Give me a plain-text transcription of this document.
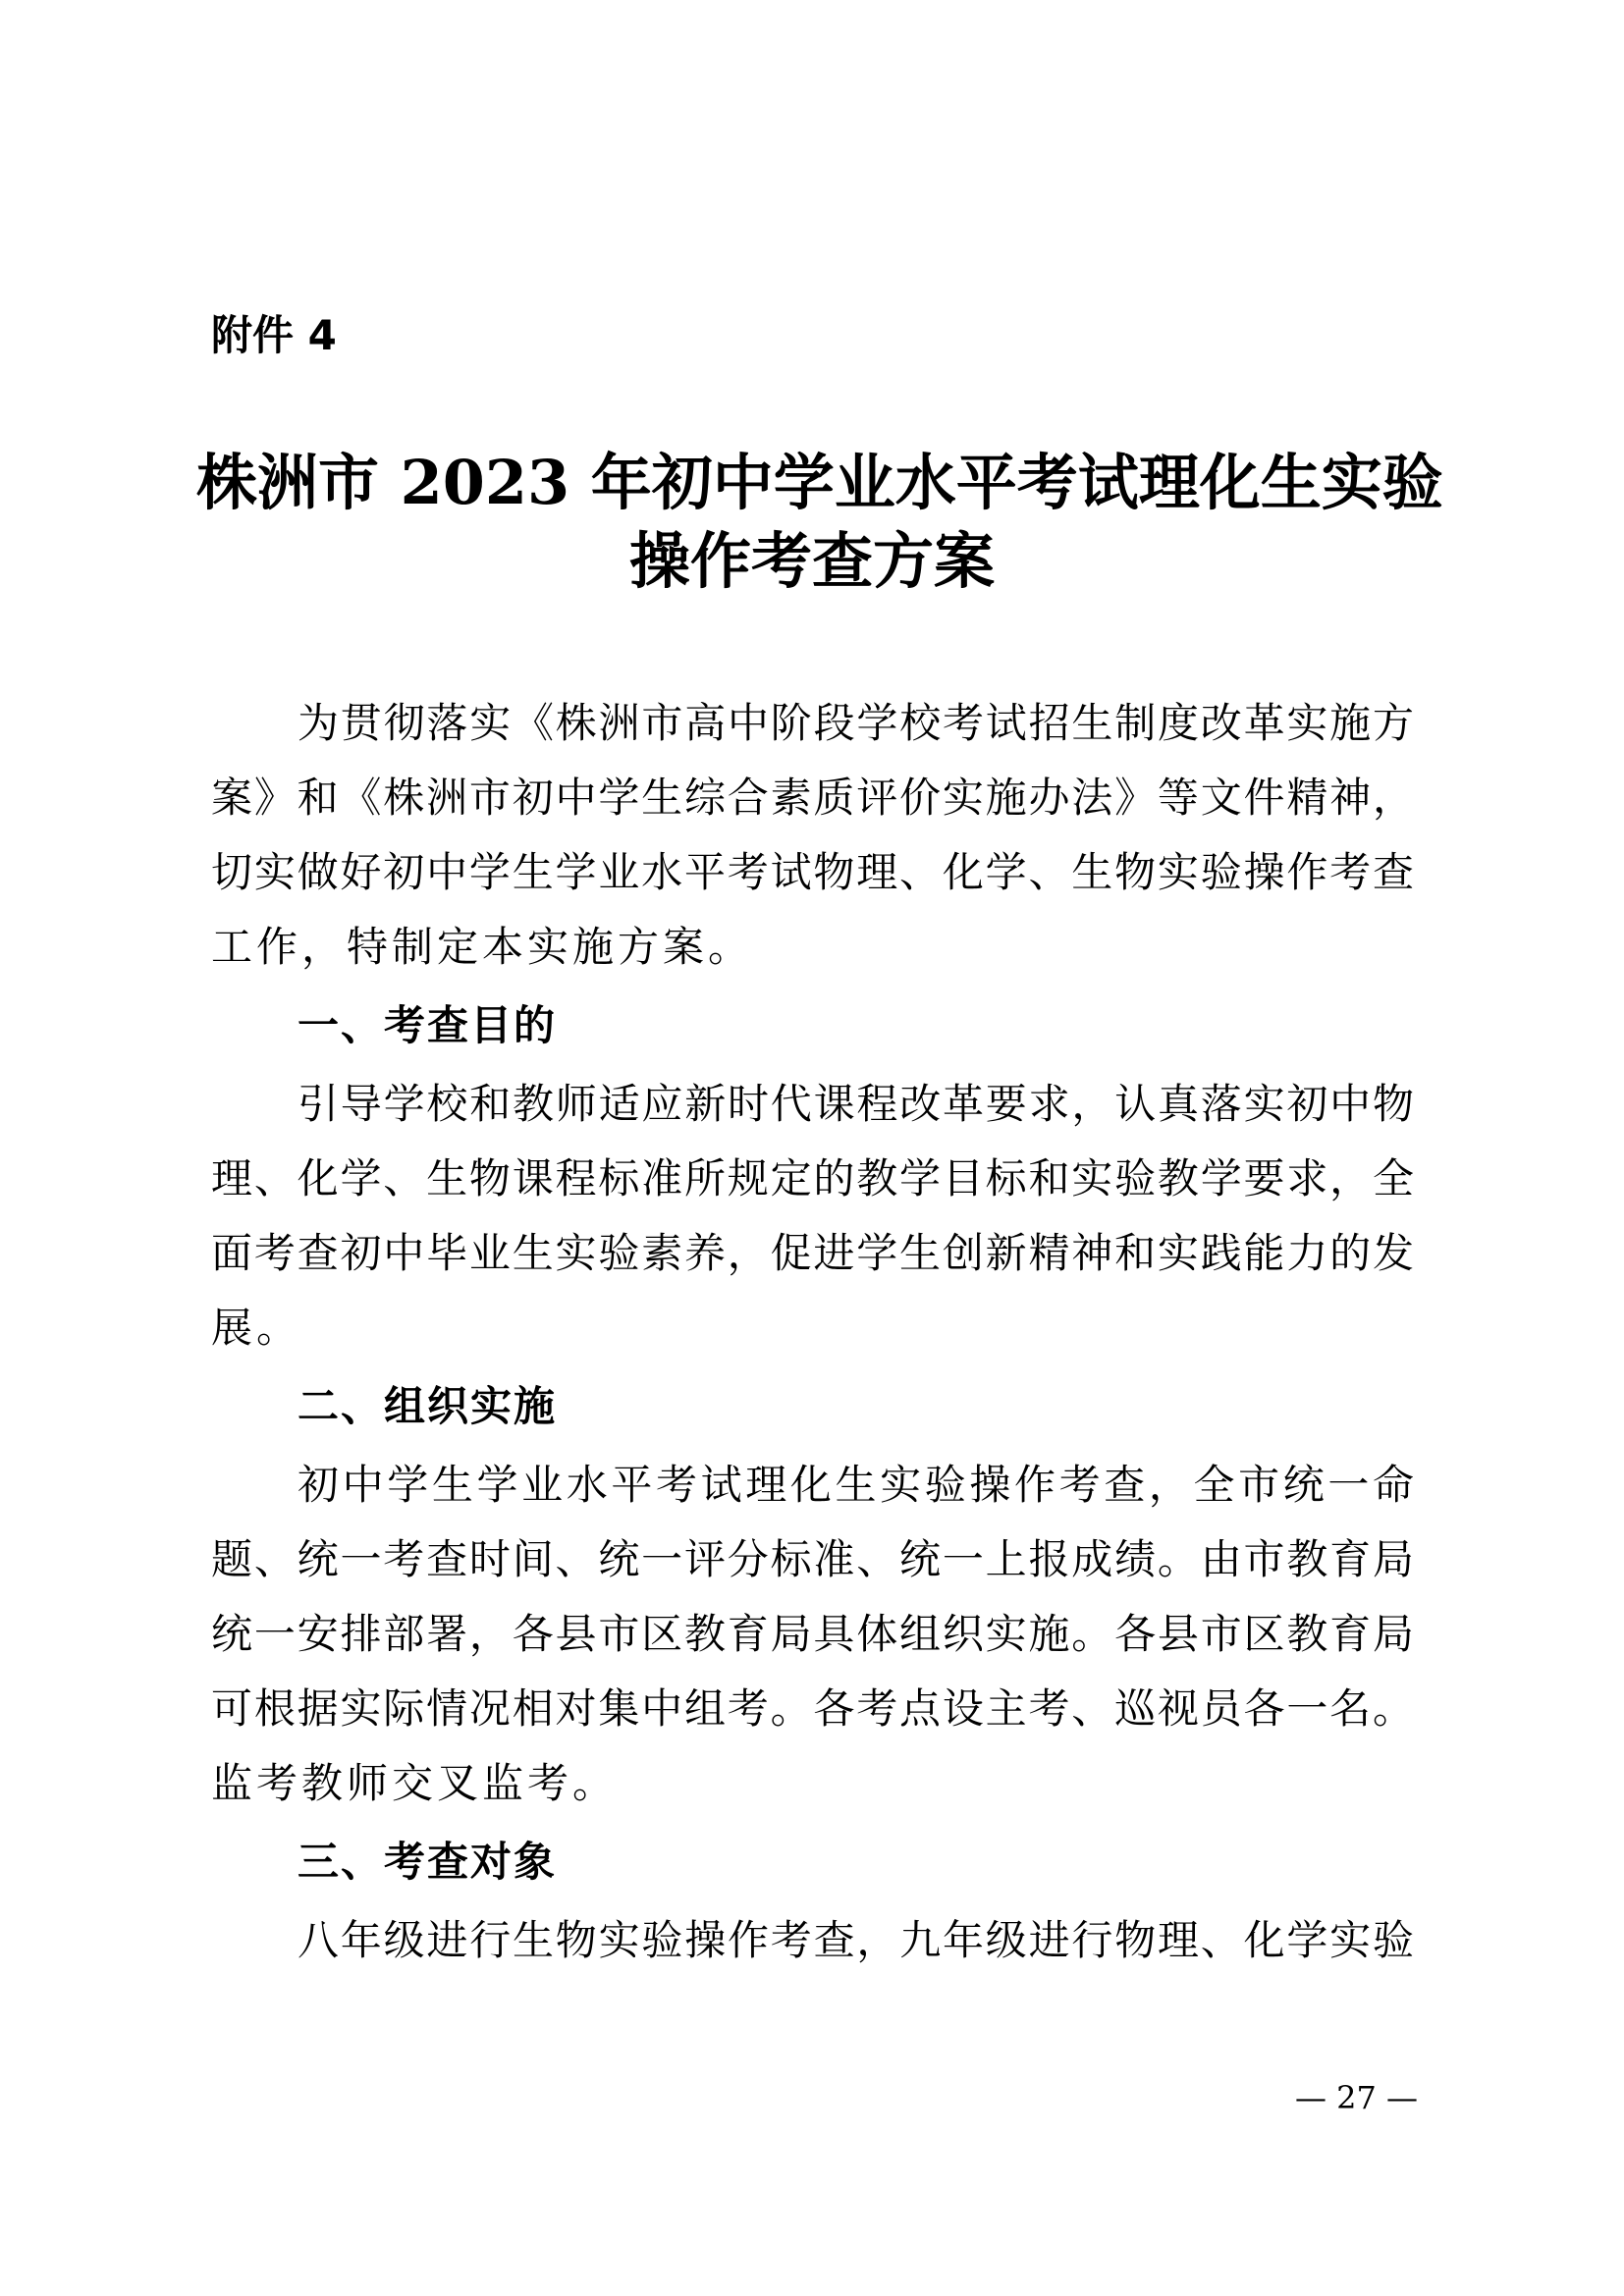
附件 4
株洲市 2023 年初中学业水平考试理化生实验
操作考查方案
为贯彻落实《株洲市高中阶段学校考试招生制度改革实施方
案》和《株洲市初中学生综合素质评价实施办法》等文件精神，
切实做好初中学生学业水平考试物理、化学、生物实验操作考查
工作，特制定本实施方案。
一、考查目的
引导学校和教师适应新时代课程改革要求，认真落实初中物
理、化学、生物课程标准所规定的教学目标和实验教学要求，全
面考查初中毕业生实验素养，促进学生创新精神和实践能力的发
展。
二、组织实施
初中学生学业水平考试理化生实验操作考查，全市统一命
题、统一考查时间、统一评分标准、统一上报成绩。由市教育局
统一安排部署，各县市区教育局具体组织实施。各县市区教育局
可根据实际情况相对集中组考。各考点设主考、巡视员各一名。
监考教师交叉监考。
三、考查对象
八年级进行生物实验操作考查，九年级进行物理、化学实验
— 27 —
